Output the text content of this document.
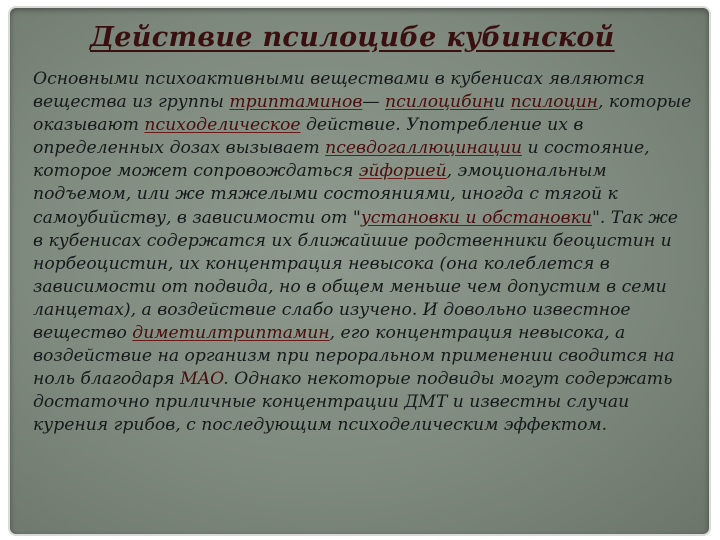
Действие псилоцибе кубинской

Основными психоактивными веществами в кубенисах являются вещества из группы триптаминов— псилоцибини псилоцин, которые оказывают психоделическое действие. Употребление их в определенных дозах вызывает псевдогаллюцинации и состояние, которое может сопровождаться эйфорией, эмоциональным подъемом, или же тяжелыми состояниями, иногда с тягой к самоубийству, в зависимости от "установки и обстановки". Так же в кубенисах содержатся их ближайшие родственники беоцистин и норбеоцистин, их концентрация невысока (она колеблется в зависимости от подвида, но в общем меньше чем допустим в семи ланцетах), а воздействие слабо изучено. И довольно известное вещество диметилтриптамин, его концентрация невысока, а воздействие на организм при пероральном применении сводится на ноль благодаря MAO. Однако некоторые подвиды могут содержать достаточно приличные концентрации ДМТ и известны случаи курения грибов, с последующим психоделическим эффектом.
